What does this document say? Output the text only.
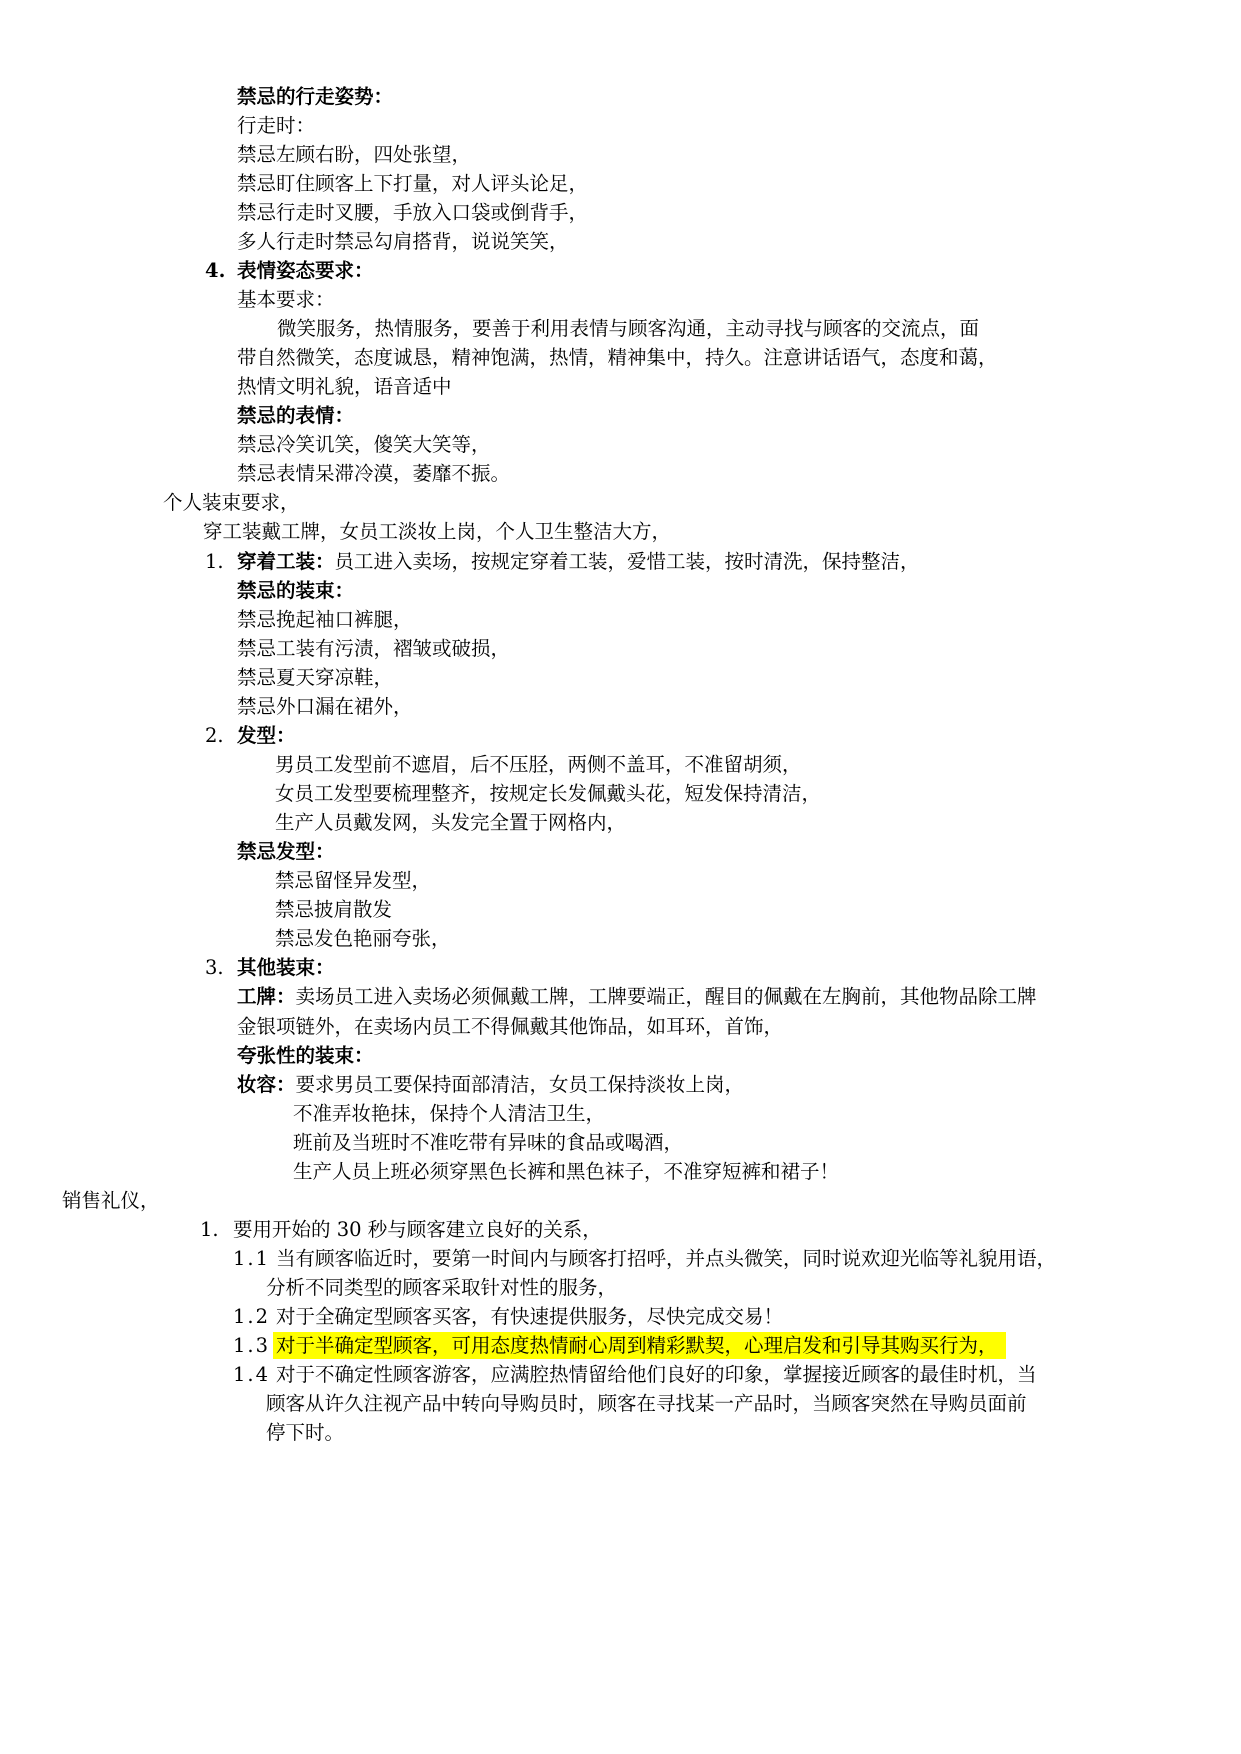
禁忌的行走姿势：
行走时：
禁忌左顾右盼，四处张望，
禁忌盯住顾客上下打量，对人评头论足，
禁忌行走时叉腰，手放入口袋或倒背手，
多人行走时禁忌勾肩搭背，说说笑笑，
4. 表情姿态要求：
基本要求：
微笑服务，热情服务，要善于利用表情与顾客沟通，主动寻找与顾客的交流点，面
带自然微笑，态度诚恳，精神饱满，热情，精神集中，持久。注意讲话语气，态度和蔼，
热情文明礼貌，语音适中
禁忌的表情：
禁忌冷笑讥笑，傻笑大笑等，
禁忌表情呆滞冷漠，萎靡不振。
个人装束要求，
穿工装戴工牌，女员工淡妆上岗，个人卫生整洁大方，
1. 穿着工装：员工进入卖场，按规定穿着工装，爱惜工装，按时清洗，保持整洁，
禁忌的装束：
禁忌挽起袖口裤腿，
禁忌工装有污渍，褶皱或破损，
禁忌夏天穿凉鞋，
禁忌外口漏在裙外，
2. 发型：
男员工发型前不遮眉，后不压胫，两侧不盖耳，不准留胡须，
女员工发型要梳理整齐，按规定长发佩戴头花，短发保持清洁，
生产人员戴发网，头发完全置于网格内，
禁忌发型：
禁忌留怪异发型，
禁忌披肩散发
禁忌发色艳丽夸张，
3. 其他装束：
工牌：卖场员工进入卖场必须佩戴工牌，工牌要端正，醒目的佩戴在左胸前，其他物品除工牌
金银项链外，在卖场内员工不得佩戴其他饰品，如耳环，首饰，
夸张性的装束：
妆容：要求男员工要保持面部清洁，女员工保持淡妆上岗，
不准弄妆艳抹，保持个人清洁卫生，
班前及当班时不准吃带有异味的食品或喝酒，
生产人员上班必须穿黑色长裤和黑色袜子，不准穿短裤和裙子！
销售礼仪，
1. 要用开始的 30 秒与顾客建立良好的关系，
1.1 当有顾客临近时，要第一时间内与顾客打招呼，并点头微笑，同时说欢迎光临等礼貌用语，
分析不同类型的顾客采取针对性的服务，
1.2 对于全确定型顾客买客，有快速提供服务，尽快完成交易！
1.3 对于半确定型顾客，可用态度热情耐心周到精彩默契，心理启发和引导其购买行为，
1.4 对于不确定性顾客游客，应满腔热情留给他们良好的印象，掌握接近顾客的最佳时机，当
顾客从许久注视产品中转向导购员时，顾客在寻找某一产品时，当顾客突然在导购员面前
停下时。
